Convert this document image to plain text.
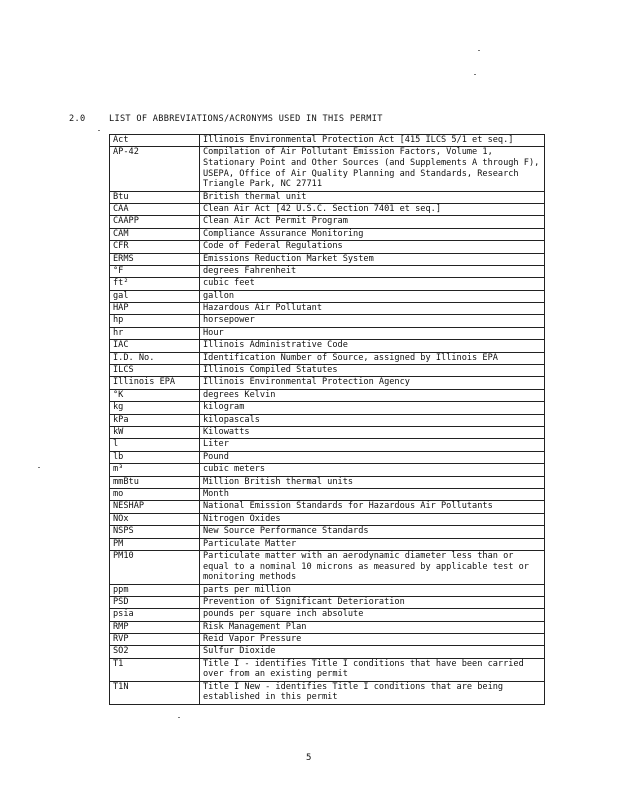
2.0	LIST OF ABBREVIATIONS/ACRONYMS USED IN THIS PERMIT
Act	Illinois Environmental Protection Act [415 ILCS 5/1 et seq.]
AP-42	Compilation of Air Pollutant Emission Factors, Volume 1, Stationary Point and Other Sources (and Supplements A through F), USEPA, Office of Air Quality Planning and Standards, Research Triangle Park, NC 27711
Btu	British thermal unit
CAA	Clean Air Act [42 U.S.C. Section 7401 et seq.]
CAAPP	Clean Air Act Permit Program
CAM	Compliance Assurance Monitoring
CFR	Code of Federal Regulations
ERMS	Emissions Reduction Market System
°F	degrees Fahrenheit
ft²	cubic feet
gal	gallon
HAP	Hazardous Air Pollutant
hp	horsepower
hr	Hour
IAC	Illinois Administrative Code
I.D. No.	Identification Number of Source, assigned by Illinois EPA
ILCS	Illinois Compiled Statutes
Illinois EPA	Illinois Environmental Protection Agency
°K	degrees Kelvin
kg	kilogram
kPa	kilopascals
kW	Kilowatts
l	Liter
lb	Pound
m³	cubic meters
mmBtu	Million British thermal units
mo	Month
NESHAP	National Emission Standards for Hazardous Air Pollutants
NOx	Nitrogen Oxides
NSPS	New Source Performance Standards
PM	Particulate Matter
PM10	Particulate matter with an aerodynamic diameter less than or equal to a nominal 10 microns as measured by applicable test or monitoring methods
ppm	parts per million
PSD	Prevention of Significant Deterioration
psia	pounds per square inch absolute
RMP	Risk Management Plan
RVP	Reid Vapor Pressure
SO2	Sulfur Dioxide
T1	Title I - identifies Title I conditions that have been carried over from an existing permit
T1N	Title I New - identifies Title I conditions that are being established in this permit
5
